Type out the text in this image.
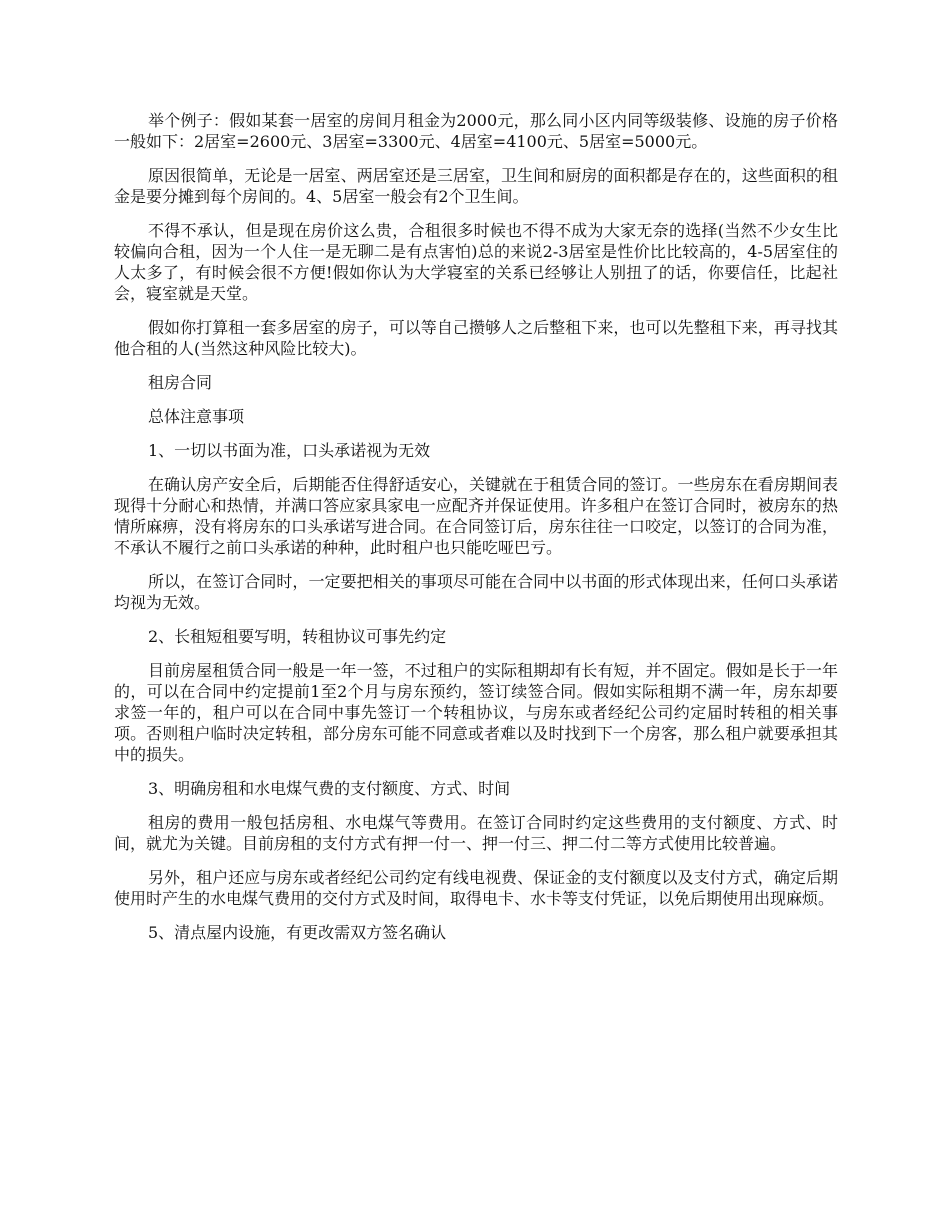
举个例子：假如某套一居室的房间月租金为2000元，那么同小区内同等级装修、设施的房子价格一般如下：2居室=2600元、3居室=3300元、4居室=4100元、5居室=5000元。

原因很简单，无论是一居室、两居室还是三居室，卫生间和厨房的面积都是存在的，这些面积的租金是要分摊到每个房间的。4、5居室一般会有2个卫生间。

不得不承认，但是现在房价这么贵，合租很多时候也不得不成为大家无奈的选择(当然不少女生比较偏向合租，因为一个人住一是无聊二是有点害怕)总的来说2-3居室是性价比比较高的，4-5居室住的人太多了，有时候会很不方便!假如你认为大学寝室的关系已经够让人别扭了的话，你要信任，比起社会，寝室就是天堂。

假如你打算租一套多居室的房子，可以等自己攒够人之后整租下来，也可以先整租下来，再寻找其他合租的人(当然这种风险比较大)。

租房合同

总体注意事项

1、一切以书面为准，口头承诺视为无效

在确认房产安全后，后期能否住得舒适安心，关键就在于租赁合同的签订。一些房东在看房期间表现得十分耐心和热情，并满口答应家具家电一应配齐并保证使用。许多租户在签订合同时，被房东的热情所麻痹，没有将房东的口头承诺写进合同。在合同签订后，房东往往一口咬定，以签订的合同为准，不承认不履行之前口头承诺的种种，此时租户也只能吃哑巴亏。

所以，在签订合同时，一定要把相关的事项尽可能在合同中以书面的形式体现出来，任何口头承诺均视为无效。

2、长租短租要写明，转租协议可事先约定

目前房屋租赁合同一般是一年一签，不过租户的实际租期却有长有短，并不固定。假如是长于一年的，可以在合同中约定提前1至2个月与房东预约，签订续签合同。假如实际租期不满一年，房东却要求签一年的，租户可以在合同中事先签订一个转租协议，与房东或者经纪公司约定届时转租的相关事项。否则租户临时决定转租，部分房东可能不同意或者难以及时找到下一个房客，那么租户就要承担其中的损失。

3、明确房租和水电煤气费的支付额度、方式、时间

租房的费用一般包括房租、水电煤气等费用。在签订合同时约定这些费用的支付额度、方式、时间，就尤为关键。目前房租的支付方式有押一付一、押一付三、押二付二等方式使用比较普遍。

另外，租户还应与房东或者经纪公司约定有线电视费、保证金的支付额度以及支付方式，确定后期使用时产生的水电煤气费用的交付方式及时间，取得电卡、水卡等支付凭证，以免后期使用出现麻烦。

5、清点屋内设施，有更改需双方签名确认
